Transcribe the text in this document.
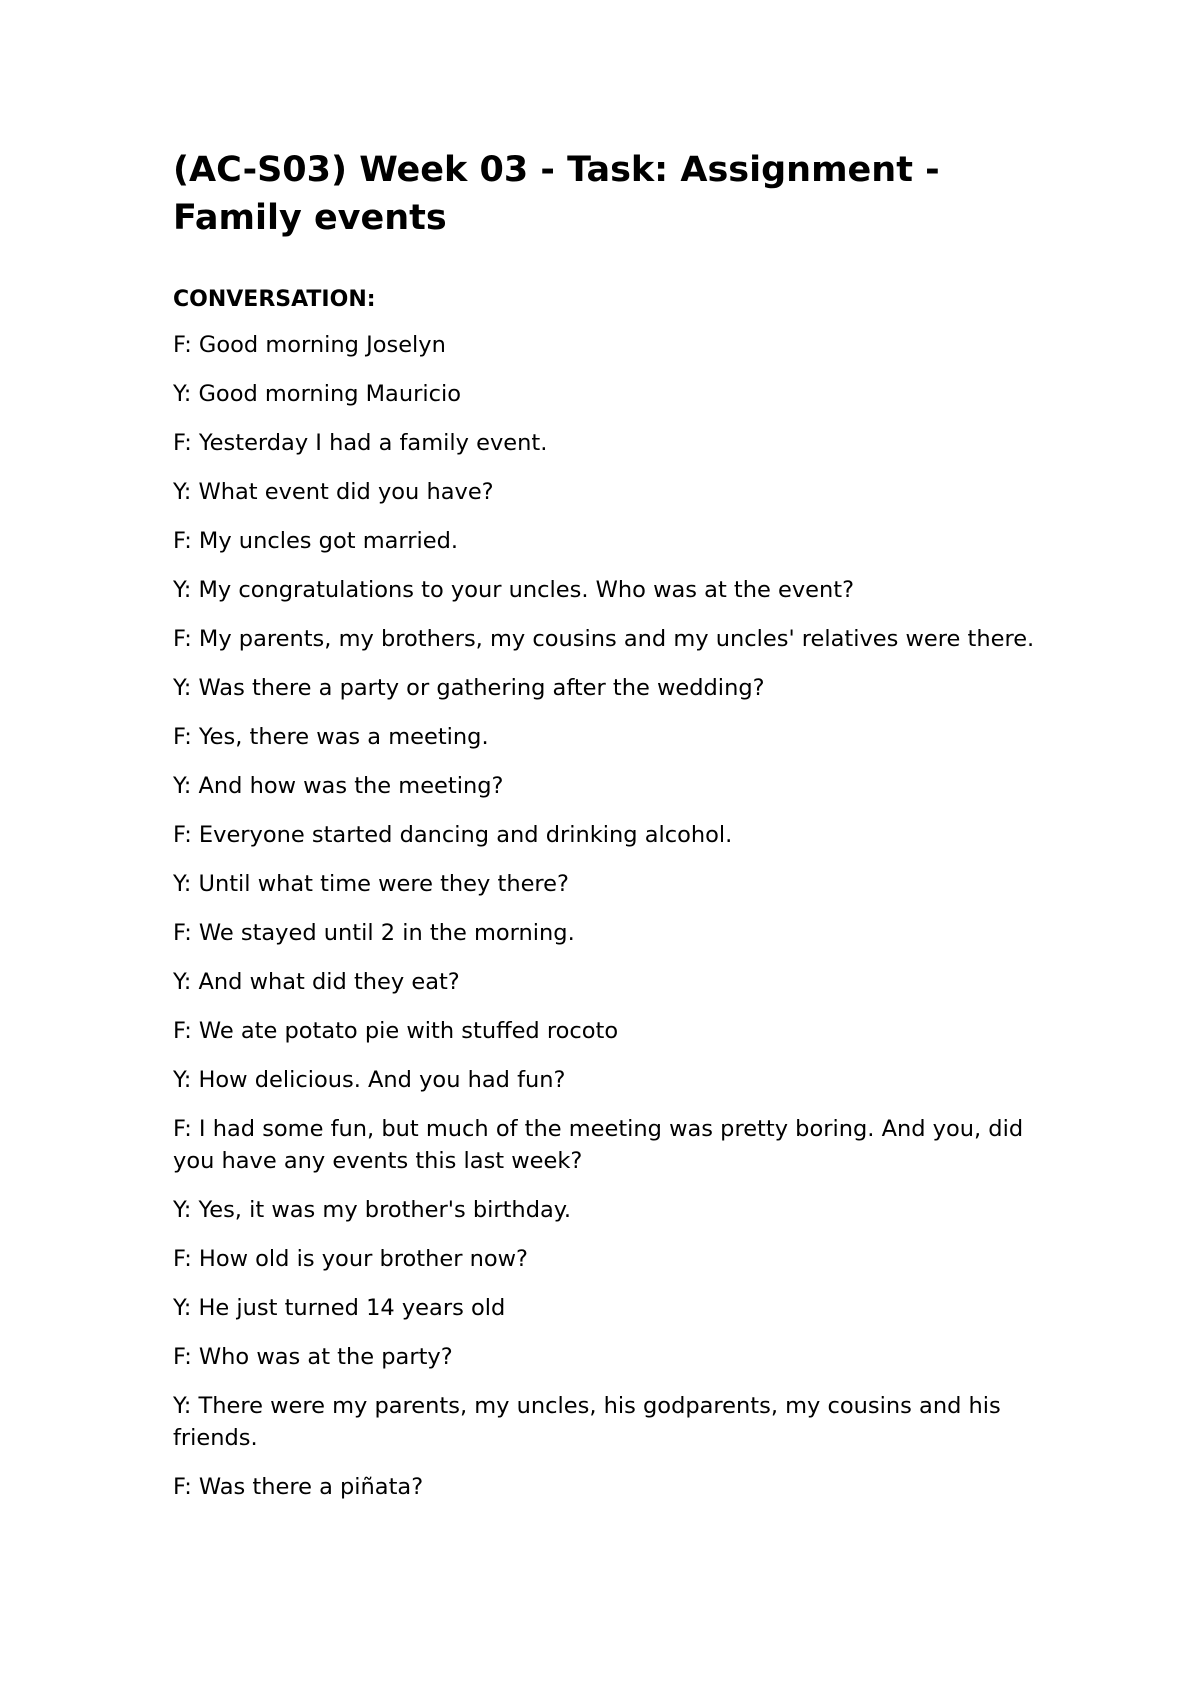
(AC-S03) Week 03 - Task: Assignment - Family events

CONVERSATION:

F: Good morning Joselyn
Y: Good morning Mauricio
F: Yesterday I had a family event.
Y: What event did you have?
F: My uncles got married.
Y: My congratulations to your uncles. Who was at the event?
F: My parents, my brothers, my cousins and my uncles' relatives were there.
Y: Was there a party or gathering after the wedding?
F: Yes, there was a meeting.
Y: And how was the meeting?
F: Everyone started dancing and drinking alcohol.
Y: Until what time were they there?
F: We stayed until 2 in the morning.
Y: And what did they eat?
F: We ate potato pie with stuffed rocoto
Y: How delicious. And you had fun?
F: I had some fun, but much of the meeting was pretty boring. And you, did you have any events this last week?
Y: Yes, it was my brother's birthday.
F: How old is your brother now?
Y: He just turned 14 years old
F: Who was at the party?
Y: There were my parents, my uncles, his godparents, my cousins and his friends.
F: Was there a piñata?
